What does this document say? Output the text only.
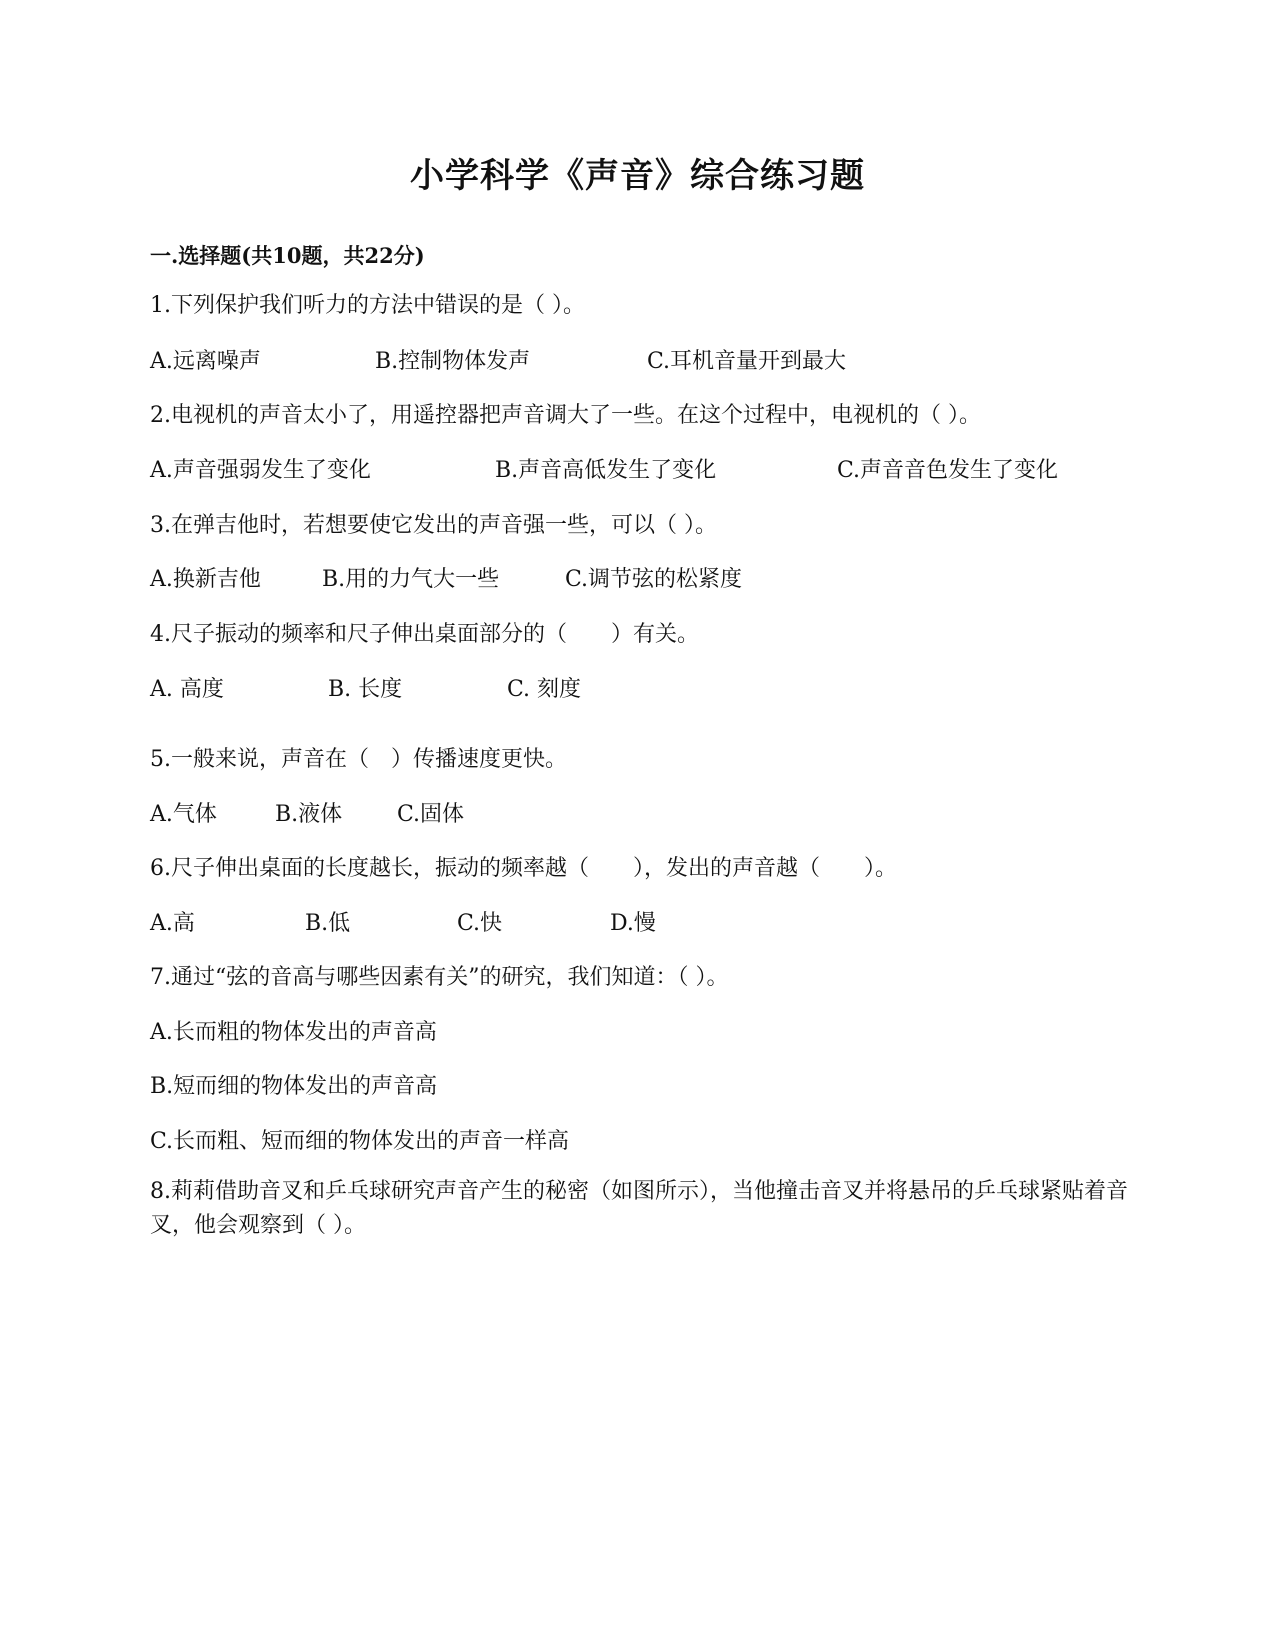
小学科学《声音》综合练习题
一.选择题(共10题，共22分)
1.下列保护我们听力的方法中错误的是（ ）。
A.远离噪声	B.控制物体发声	C.耳机音量开到最大
2.电视机的声音太小了，用遥控器把声音调大了一些。在这个过程中，电视机的（ ）。
A.声音强弱发生了变化	B.声音高低发生了变化	C.声音音色发生了变化
3.在弹吉他时，若想要使它发出的声音强一些，可以（ ）。
A.换新吉他	B.用的力气大一些	C.调节弦的松紧度
4.尺子振动的频率和尺子伸出桌面部分的（　　）有关。
A. 高度	B. 长度	C. 刻度
5.一般来说，声音在（　）传播速度更快。
A.气体	B.液体 C.固体
6.尺子伸出桌面的长度越长，振动的频率越（　　），发出的声音越（　　）。
A.高	B.低	C.快	D.慢
7.通过“弦的音高与哪些因素有关”的研究，我们知道：（ ）。
A.长而粗的物体发出的声音高
B.短而细的物体发出的声音高
C.长而粗、短而细的物体发出的声音一样高
8.莉莉借助音叉和乒乓球研究声音产生的秘密（如图所示），当他撞击音叉并将悬吊的乒乓球紧贴着音叉，他会观察到（ ）。
